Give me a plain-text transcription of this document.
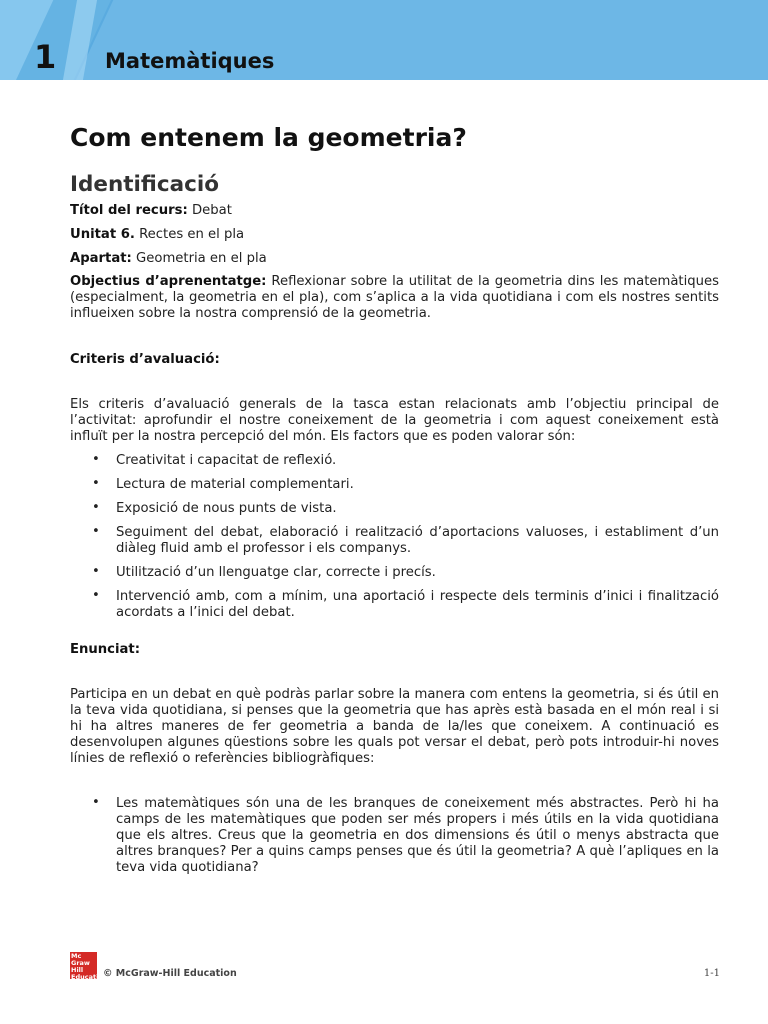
1 Matemàtiques
Com entenem la geometria?
Identificació
Títol del recurs: Debat
Unitat 6. Rectes en el pla
Apartat: Geometria en el pla
Objectius d’aprenentatge: Reflexionar sobre la utilitat de la geometria dins les matemàtiques (especialment, la geometria en el pla), com s’aplica a la vida quotidiana i com els nostres sentits influeixen sobre la nostra comprensió de la geometria.
Criteris d’avaluació:
Els criteris d’avaluació generals de la tasca estan relacionats amb l’objectiu principal de l’activitat: aprofundir el nostre coneixement de la geometria i com aquest coneixement està influït per la nostra percepció del món. Els factors que es poden valorar són:
• Creativitat i capacitat de reflexió.
• Lectura de material complementari.
• Exposició de nous punts de vista.
• Seguiment del debat, elaboració i realització d’aportacions valuoses, i establiment d’un diàleg fluid amb el professor i els companys.
• Utilització d’un llenguatge clar, correcte i precís.
• Intervenció amb, com a mínim, una aportació i respecte dels terminis d’inici i finalització acordats a l’inici del debat.
Enunciat:
Participa en un debat en què podràs parlar sobre la manera com entens la geometria, si és útil en la teva vida quotidiana, si penses que la geometria que has après està basada en el món real i si hi ha altres maneres de fer geometria a banda de la/les que coneixem. A continuació es desenvolupen algunes qüestions sobre les quals pot versar el debat, però pots introduir-hi noves línies de reflexió o referències bibliogràfiques:
• Les matemàtiques són una de les branques de coneixement més abstractes. Però hi ha camps de les matemàtiques que poden ser més propers i més útils en la vida quotidiana que els altres. Creus que la geometria en dos dimensions és útil o menys abstracta que altres branques? Per a quins camps penses que és útil la geometria? A què l’apliques en la teva vida quotidiana?
Mc Graw Hill Education
© McGraw-Hill Education	1-1
